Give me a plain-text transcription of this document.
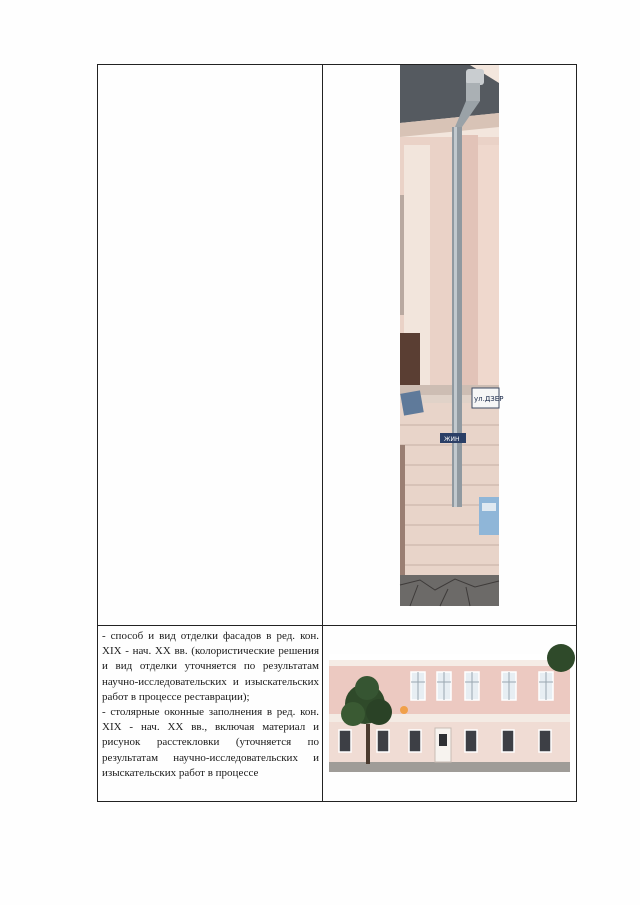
ул.ДЗЕР
ЖИН

- способ и вид отделки фасадов в ред. кон. XIX - нач. XX вв. (колористические решения и вид отделки уточняется по результатам научно-исследовательских и изыскательских работ в процессе реставрации);

- столярные оконные заполнения в ред. кон. XIX - нач. XX вв., включая материал и рисунок расстекловки (уточняется по результатам научно-исследовательских и изыскательских работ в процессе
